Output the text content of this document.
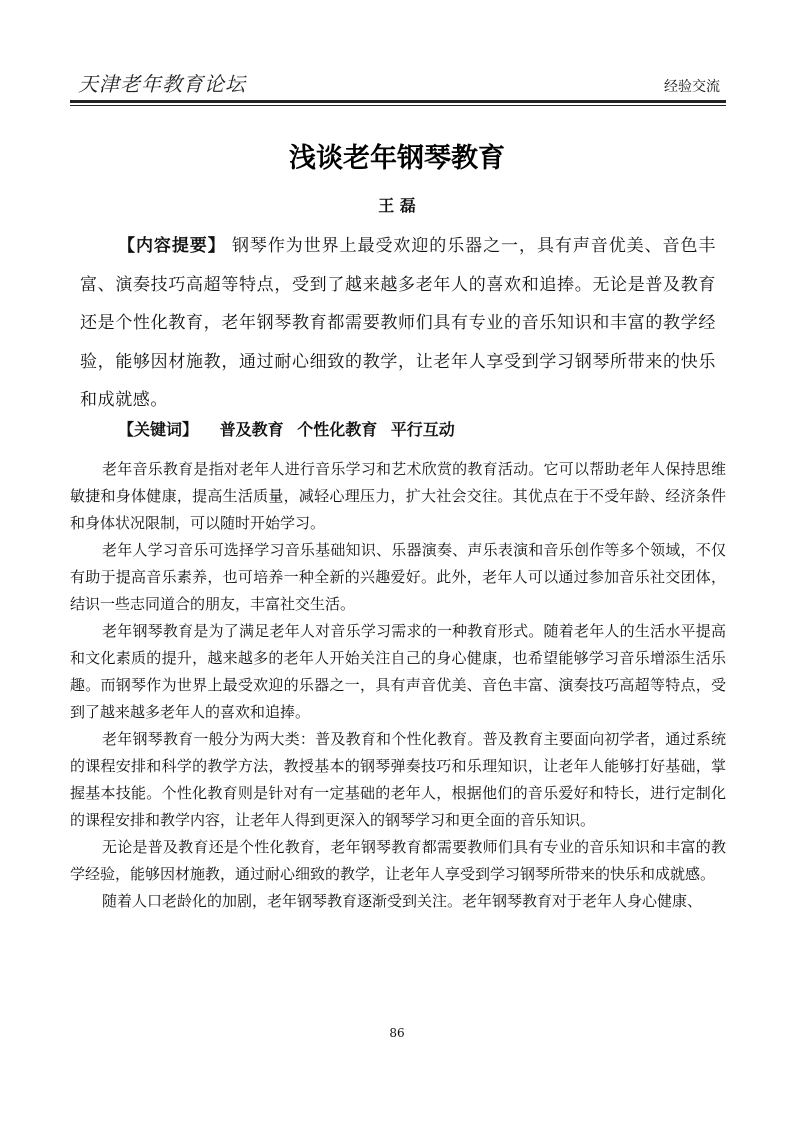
天津老年教育论坛	经验交流
浅谈老年钢琴教育
王 磊
【内容提要】 钢琴作为世界上最受欢迎的乐器之一，具有声音优美、音色丰富、演奏技巧高超等特点，受到了越来越多老年人的喜欢和追捧。无论是普及教育还是个性化教育，老年钢琴教育都需要教师们具有专业的音乐知识和丰富的教学经验，能够因材施教，通过耐心细致的教学，让老年人享受到学习钢琴所带来的快乐和成就感。
【关键词】 普及教育 个性化教育 平行互动

老年音乐教育是指对老年人进行音乐学习和艺术欣赏的教育活动。它可以帮助老年人保持思维敏捷和身体健康，提高生活质量，减轻心理压力，扩大社会交往。其优点在于不受年龄、经济条件和身体状况限制，可以随时开始学习。

老年人学习音乐可选择学习音乐基础知识、乐器演奏、声乐表演和音乐创作等多个领域，不仅有助于提高音乐素养，也可培养一种全新的兴趣爱好。此外，老年人可以通过参加音乐社交团体，结识一些志同道合的朋友，丰富社交生活。

老年钢琴教育是为了满足老年人对音乐学习需求的一种教育形式。随着老年人的生活水平提高和文化素质的提升，越来越多的老年人开始关注自己的身心健康，也希望能够学习音乐增添生活乐趣。而钢琴作为世界上最受欢迎的乐器之一，具有声音优美、音色丰富、演奏技巧高超等特点，受到了越来越多老年人的喜欢和追捧。

老年钢琴教育一般分为两大类：普及教育和个性化教育。普及教育主要面向初学者，通过系统的课程安排和科学的教学方法，教授基本的钢琴弹奏技巧和乐理知识，让老年人能够打好基础，掌握基本技能。个性化教育则是针对有一定基础的老年人，根据他们的音乐爱好和特长，进行定制化的课程安排和教学内容，让老年人得到更深入的钢琴学习和更全面的音乐知识。

无论是普及教育还是个性化教育，老年钢琴教育都需要教师们具有专业的音乐知识和丰富的教学经验，能够因材施教，通过耐心细致的教学，让老年人享受到学习钢琴所带来的快乐和成就感。

随着人口老龄化的加剧，老年钢琴教育逐渐受到关注。老年钢琴教育对于老年人身心健康、

86
